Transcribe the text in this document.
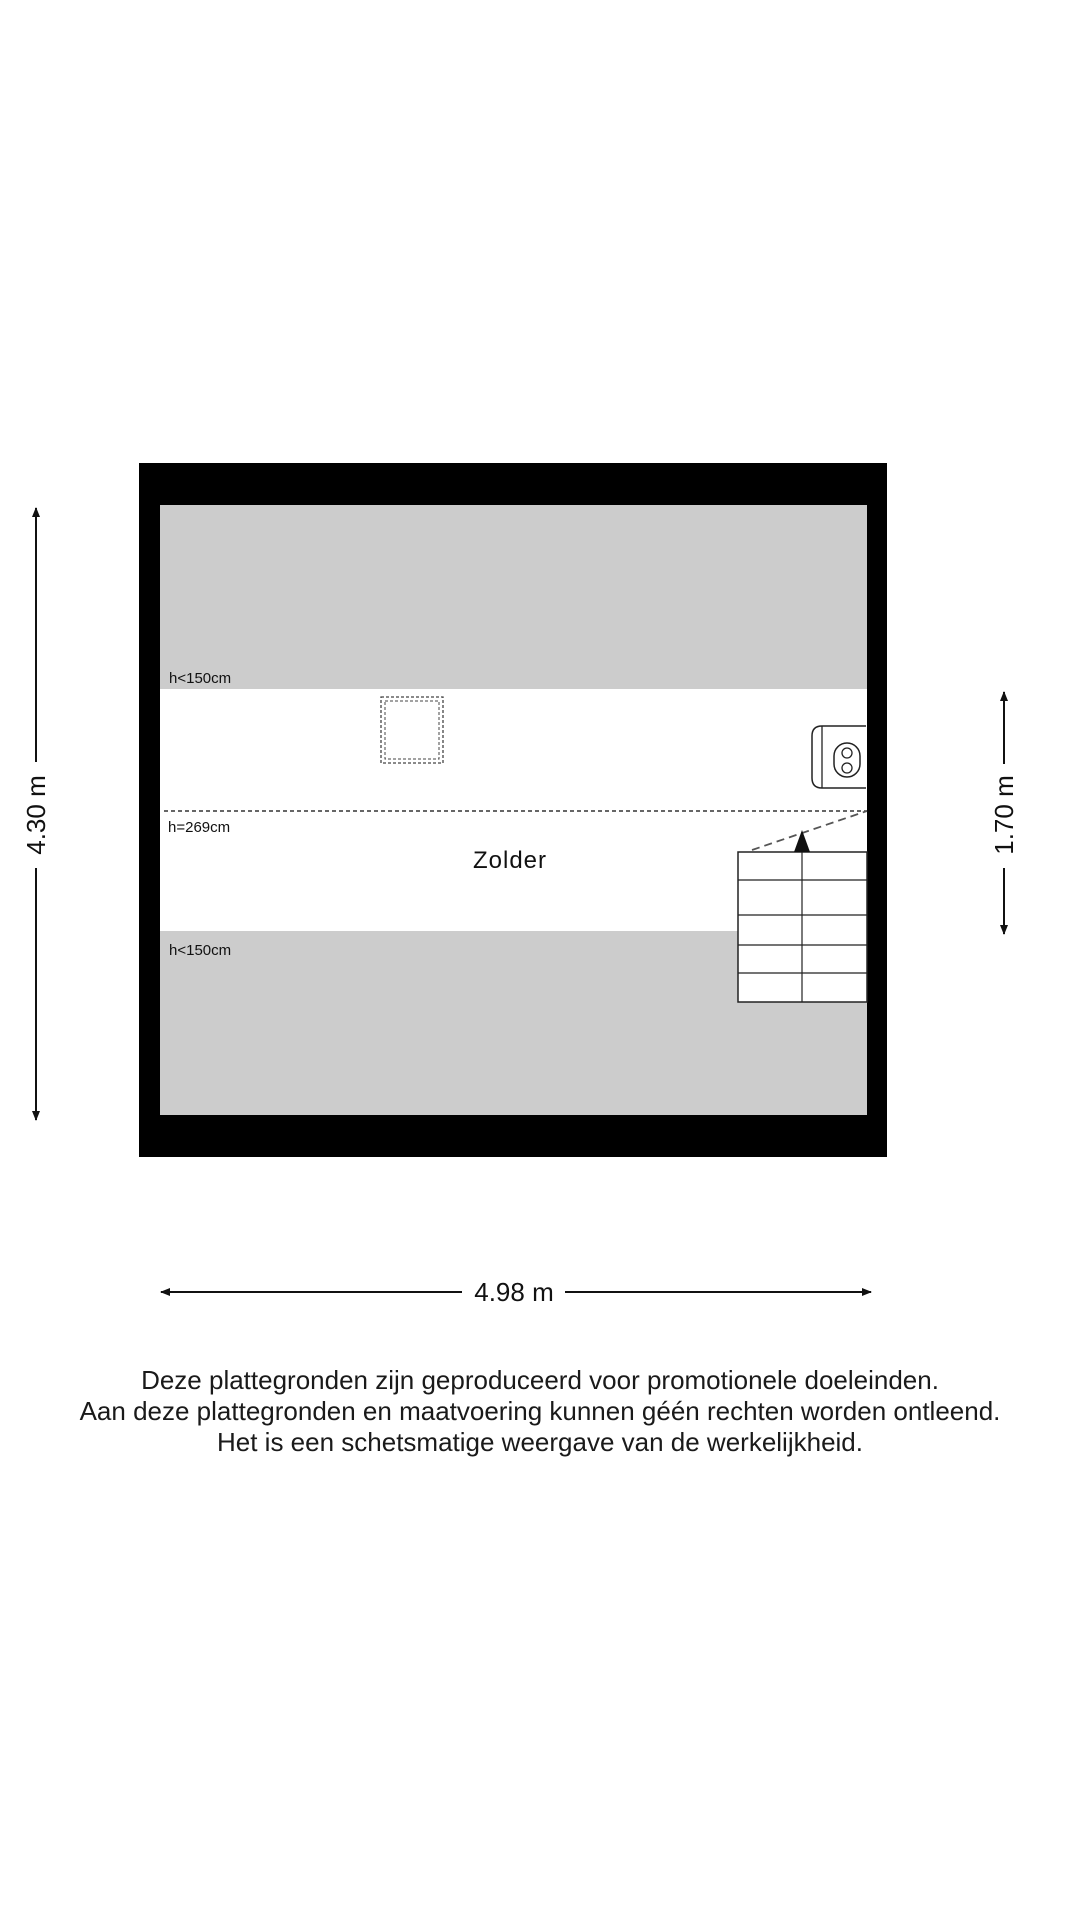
Zolder
h<150cm
h=269cm
h<150cm
4.30 m	1.70 m
4.98 m
Deze plattegronden zijn geproduceerd voor promotionele doeleinden.
Aan deze plattegronden en maatvoering kunnen géén rechten worden ontleend.
Het is een schetsmatige weergave van de werkelijkheid.
